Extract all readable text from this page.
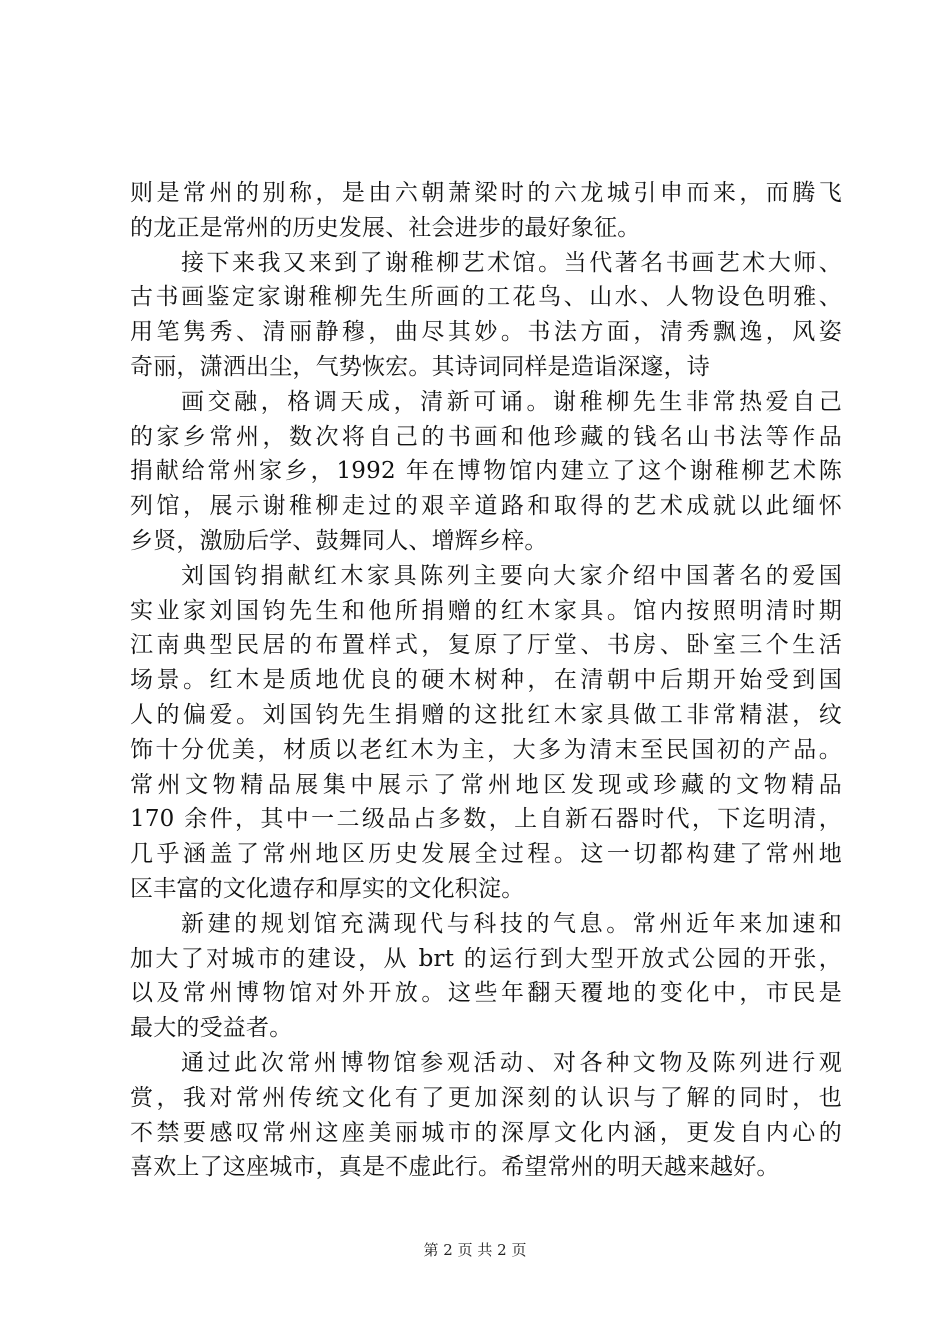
则是常州的别称，是由六朝萧梁时的六龙城引申而来，而腾飞
的龙正是常州的历史发展、社会进步的最好象征。
接下来我又来到了谢稚柳艺术馆。当代著名书画艺术大师、
古书画鉴定家谢稚柳先生所画的工花鸟、山水、人物设色明雅、
用笔隽秀、清丽静穆，曲尽其妙。书法方面，清秀飘逸，风姿
奇丽，潇洒出尘，气势恢宏。其诗词同样是造诣深邃，诗
画交融，格调天成，清新可诵。谢稚柳先生非常热爱自己
的家乡常州，数次将自己的书画和他珍藏的钱名山书法等作品
捐献给常州家乡，1992 年在博物馆内建立了这个谢稚柳艺术陈
列馆，展示谢稚柳走过的艰辛道路和取得的艺术成就以此缅怀
乡贤，激励后学、鼓舞同人、增辉乡梓。
刘国钧捐献红木家具陈列主要向大家介绍中国著名的爱国
实业家刘国钧先生和他所捐赠的红木家具。馆内按照明清时期
江南典型民居的布置样式，复原了厅堂、书房、卧室三个生活
场景。红木是质地优良的硬木树种，在清朝中后期开始受到国
人的偏爱。刘国钧先生捐赠的这批红木家具做工非常精湛，纹
饰十分优美，材质以老红木为主，大多为清末至民国初的产品。
常州文物精品展集中展示了常州地区发现或珍藏的文物精品
170 余件，其中一二级品占多数，上自新石器时代，下迄明清，
几乎涵盖了常州地区历史发展全过程。这一切都构建了常州地
区丰富的文化遗存和厚实的文化积淀。
新建的规划馆充满现代与科技的气息。常州近年来加速和
加大了对城市的建设，从 brt 的运行到大型开放式公园的开张，
以及常州博物馆对外开放。这些年翻天覆地的变化中，市民是
最大的受益者。
通过此次常州博物馆参观活动、对各种文物及陈列进行观
赏，我对常州传统文化有了更加深刻的认识与了解的同时，也
不禁要感叹常州这座美丽城市的深厚文化内涵，更发自内心的
喜欢上了这座城市，真是不虚此行。希望常州的明天越来越好。
第 2 页 共 2 页
